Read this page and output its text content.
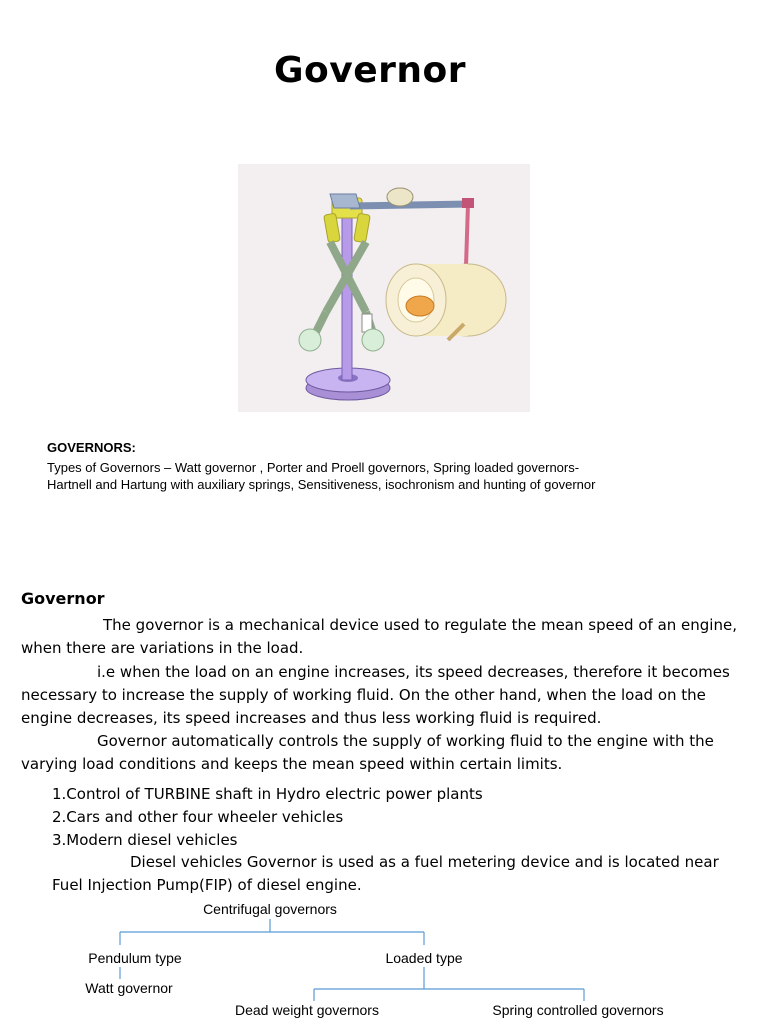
Governor
GOVERNORS:
Types of Governors – Watt governor , Porter and Proell governors, Spring loaded governors-
Hartnell and Hartung with auxiliary springs, Sensitiveness, isochronism and hunting of governor
Governor
The governor is a mechanical device used to regulate the mean speed of an engine, when there are variations in the load.
i.e when the load on an engine increases, its speed decreases, therefore it becomes necessary to increase the supply of working fluid. On the other hand, when the load on the engine decreases, its speed increases and thus less working fluid is required.
Governor automatically controls the supply of working fluid to the engine with the varying load conditions and keeps the mean speed within certain limits.
1.Control of TURBINE shaft in Hydro electric power plants
2.Cars and other four wheeler vehicles
3.Modern diesel vehicles
Diesel vehicles Governor is used as a fuel metering device and is located near Fuel Injection Pump(FIP) of diesel engine.
Centrifugal governors
Pendulum type	Loaded type
Watt governor
Dead weight governors	Spring controlled governors
